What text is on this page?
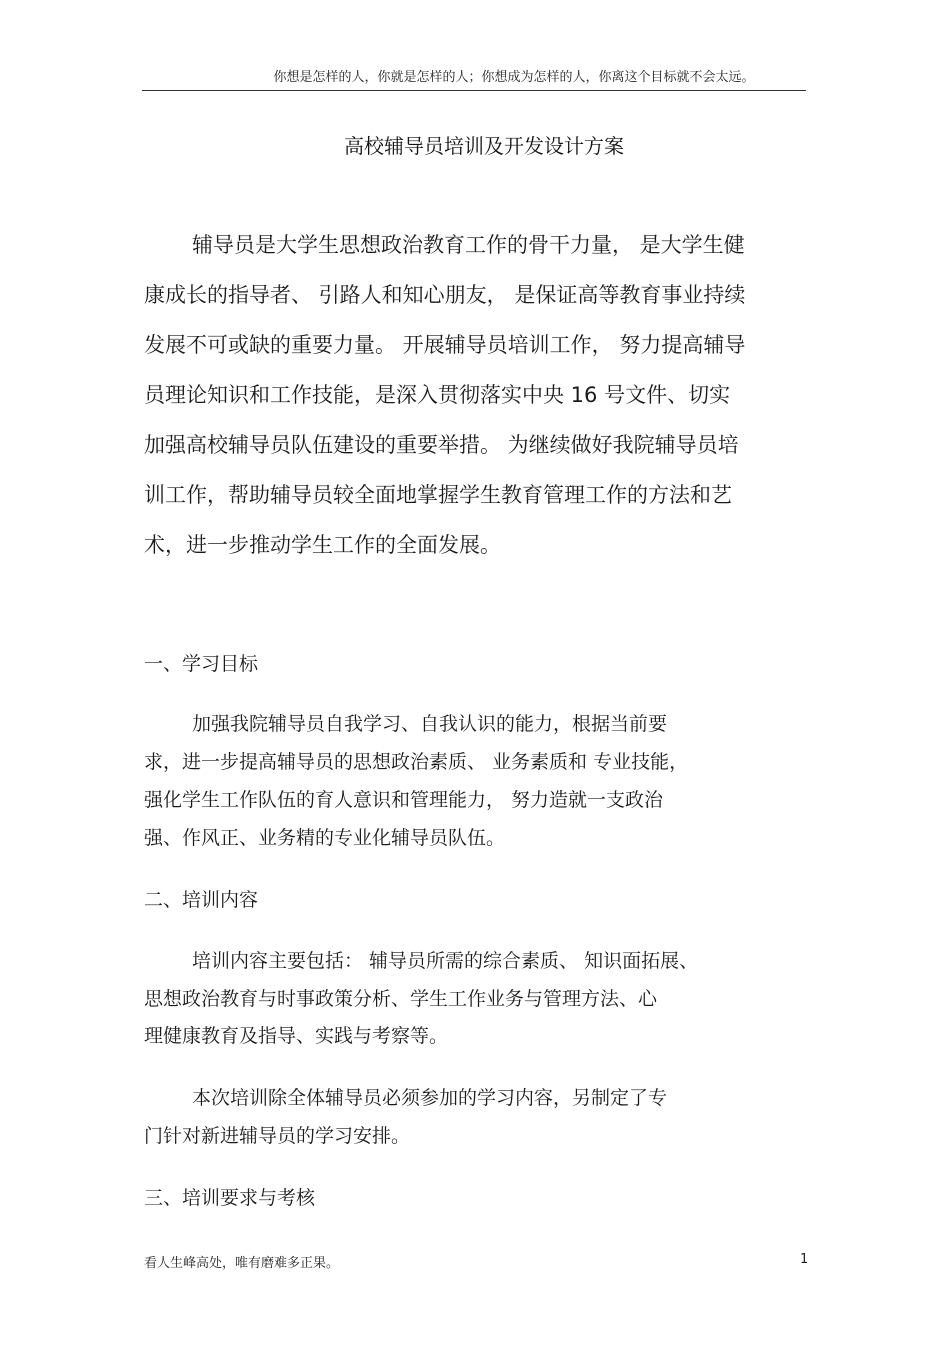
你想是怎样的人，你就是怎样的人；你想成为怎样的人，你离这个目标就不会太远。
高校辅导员培训及开发设计方案
辅导员是大学生思想政治教育工作的骨干力量， 是大学生健
康成长的指导者、 引路人和知心朋友， 是保证高等教育事业持续
发展不可或缺的重要力量。 开展辅导员培训工作， 努力提高辅导
员理论知识和工作技能，是深入贯彻落实中央 16 号文件、切实
加强高校辅导员队伍建设的重要举措。 为继续做好我院辅导员培
训工作，帮助辅导员较全面地掌握学生教育管理工作的方法和艺
术，进一步推动学生工作的全面发展。
一、学习目标
加强我院辅导员自我学习、自我认识的能力，根据当前要
求，进一步提高辅导员的思想政治素质、 业务素质和 专业技能，
强化学生工作队伍的育人意识和管理能力， 努力造就一支政治
强、作风正、业务精的专业化辅导员队伍。
二、培训内容
培训内容主要包括： 辅导员所需的综合素质、 知识面拓展、
思想政治教育与时事政策分析、学生工作业务与管理方法、心
理健康教育及指导、实践与考察等。
本次培训除全体辅导员必须参加的学习内容，另制定了专
门针对新进辅导员的学习安排。
三、培训要求与考核
看人生峰高处，唯有磨难多正果。	1
